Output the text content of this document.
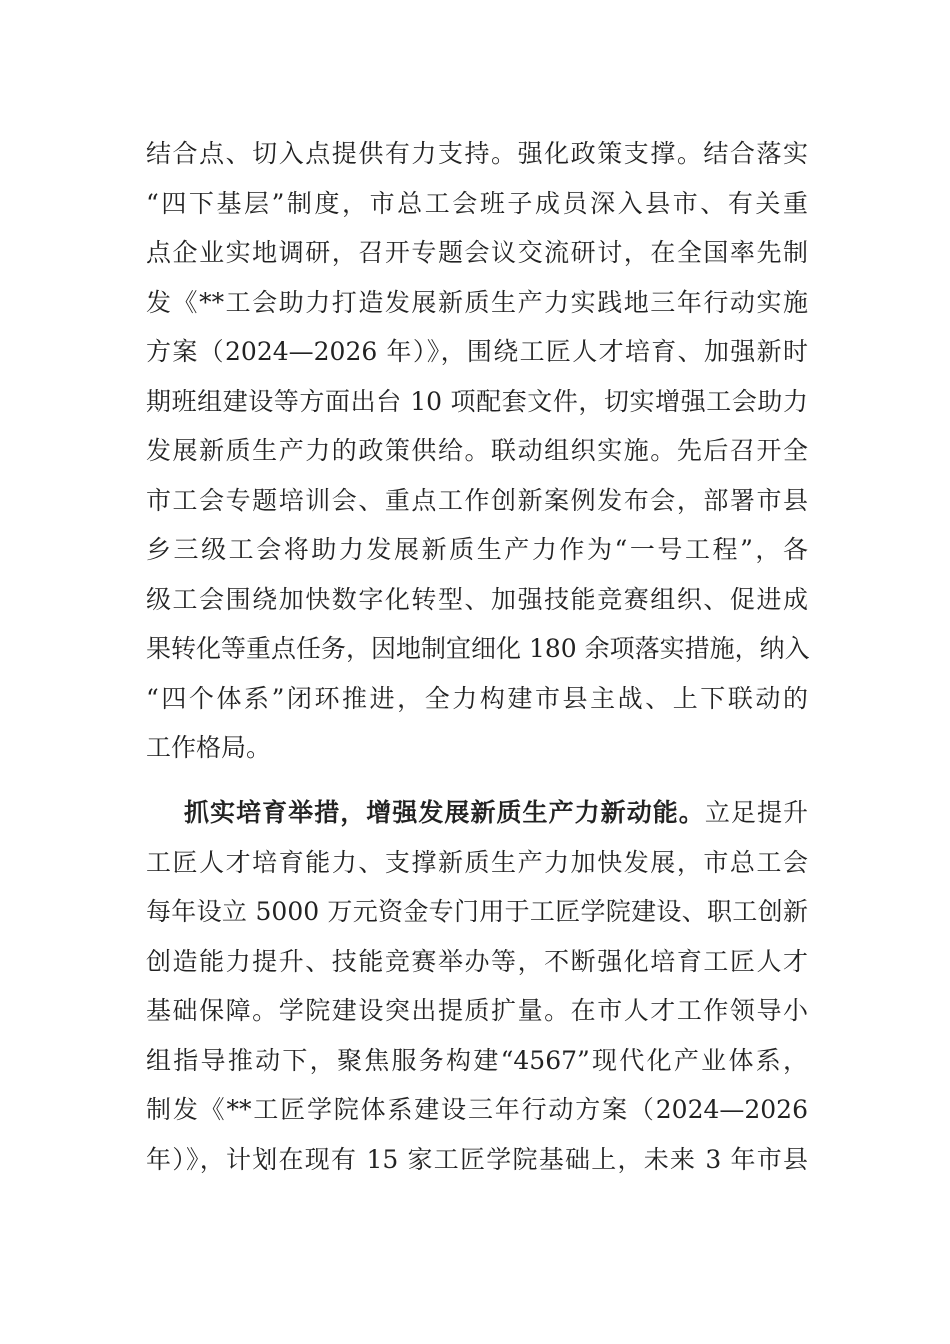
结合点、切入点提供有力支持。强化政策支撑。结合落实
“四下基层”制度，市总工会班子成员深入县市、有关重
点企业实地调研，召开专题会议交流研讨，在全国率先制
发《**工会助力打造发展新质生产力实践地三年行动实施
方案（2024—2026 年）》，围绕工匠人才培育、加强新时
期班组建设等方面出台 10 项配套文件，切实增强工会助力
发展新质生产力的政策供给。联动组织实施。先后召开全
市工会专题培训会、重点工作创新案例发布会，部署市县
乡三级工会将助力发展新质生产力作为“一号工程”，各
级工会围绕加快数字化转型、加强技能竞赛组织、促进成
果转化等重点任务，因地制宜细化 180 余项落实措施，纳入
“四个体系”闭环推进，全力构建市县主战、上下联动的
工作格局。
抓实培育举措，增强发展新质生产力新动能。立足提升
工匠人才培育能力、支撑新质生产力加快发展，市总工会
每年设立 5000 万元资金专门用于工匠学院建设、职工创新
创造能力提升、技能竞赛举办等，不断强化培育工匠人才
基础保障。学院建设突出提质扩量。在市人才工作领导小
组指导推动下，聚焦服务构建“4567”现代化产业体系，
制发《**工匠学院体系建设三年行动方案（2024—2026
年）》，计划在现有 15 家工匠学院基础上，未来 3 年市县
